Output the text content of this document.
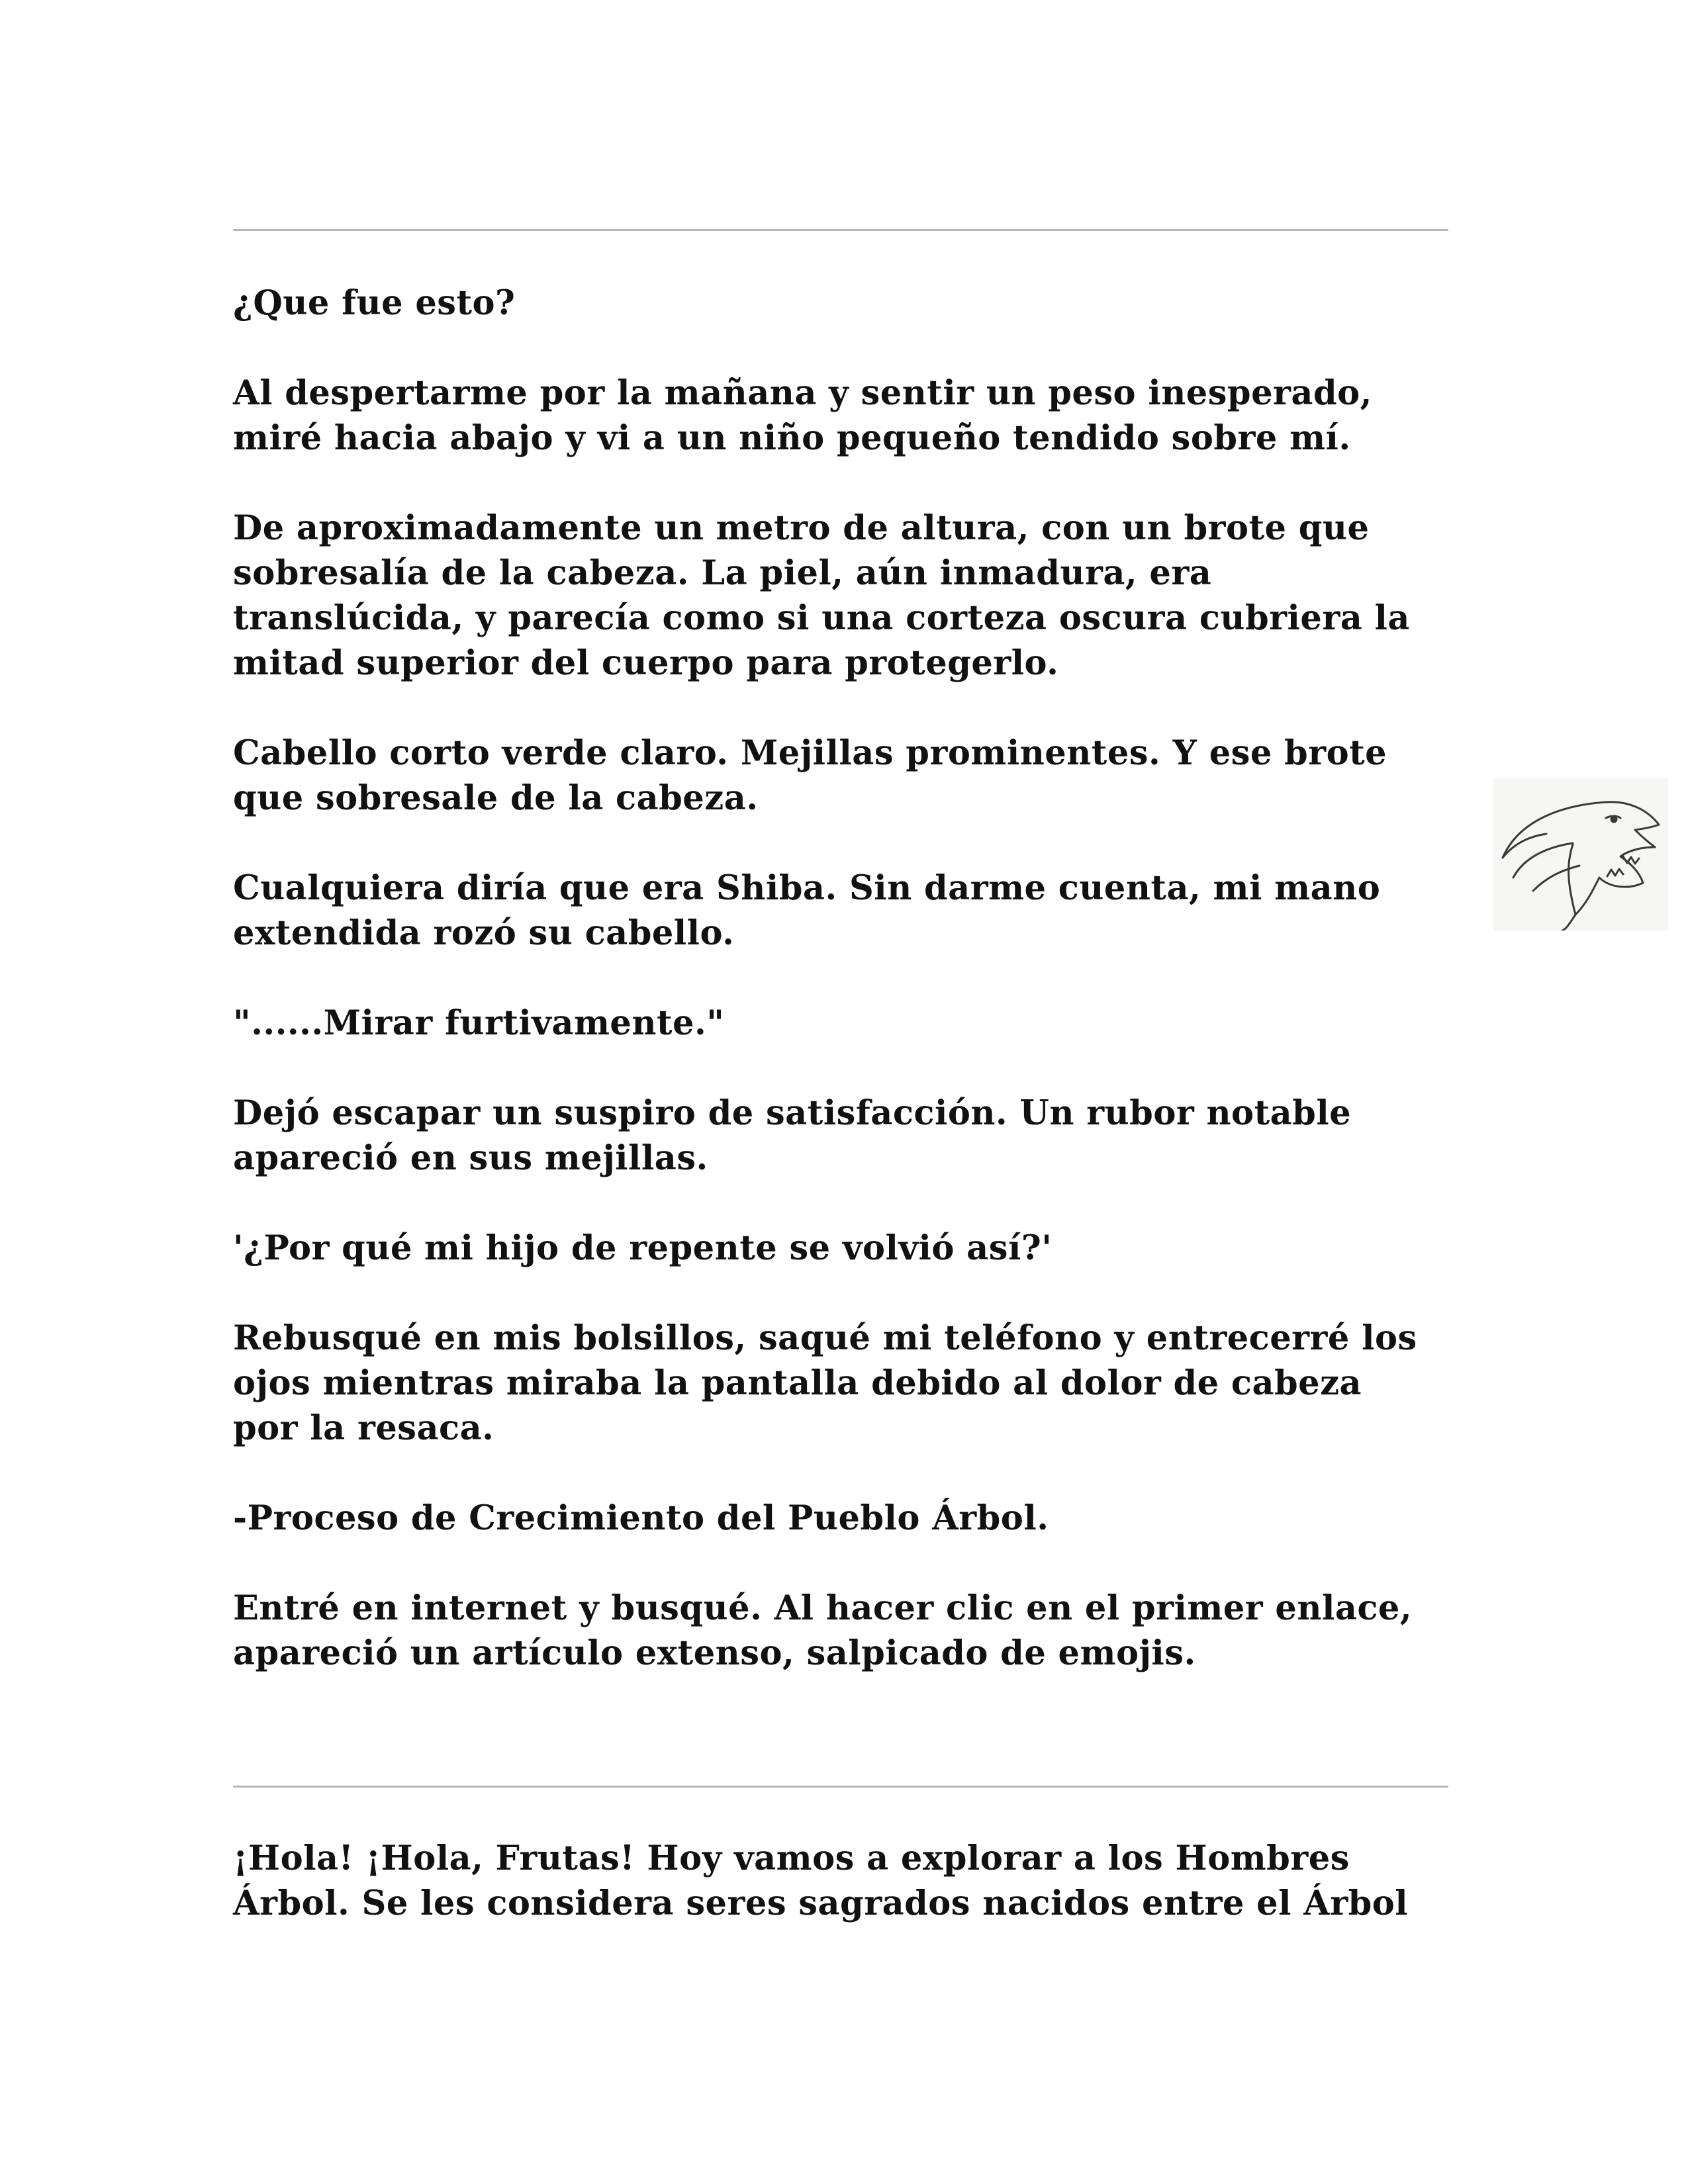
¿Que fue esto?

Al despertarme por la mañana y sentir un peso inesperado,
miré hacia abajo y vi a un niño pequeño tendido sobre mí.

De aproximadamente un metro de altura, con un brote que
sobresalía de la cabeza. La piel, aún inmadura, era
translúcida, y parecía como si una corteza oscura cubriera la
mitad superior del cuerpo para protegerlo.

Cabello corto verde claro. Mejillas prominentes. Y ese brote
que sobresale de la cabeza.

Cualquiera diría que era Shiba. Sin darme cuenta, mi mano
extendida rozó su cabello.

"......Mirar furtivamente."

Dejó escapar un suspiro de satisfacción. Un rubor notable
apareció en sus mejillas.

'¿Por qué mi hijo de repente se volvió así?'

Rebusqué en mis bolsillos, saqué mi teléfono y entrecerré los
ojos mientras miraba la pantalla debido al dolor de cabeza
por la resaca.

-Proceso de Crecimiento del Pueblo Árbol.

Entré en internet y busqué. Al hacer clic en el primer enlace,
apareció un artículo extenso, salpicado de emojis.

¡Hola! ¡Hola, Frutas! Hoy vamos a explorar a los Hombres
Árbol. Se les considera seres sagrados nacidos entre el Árbol
